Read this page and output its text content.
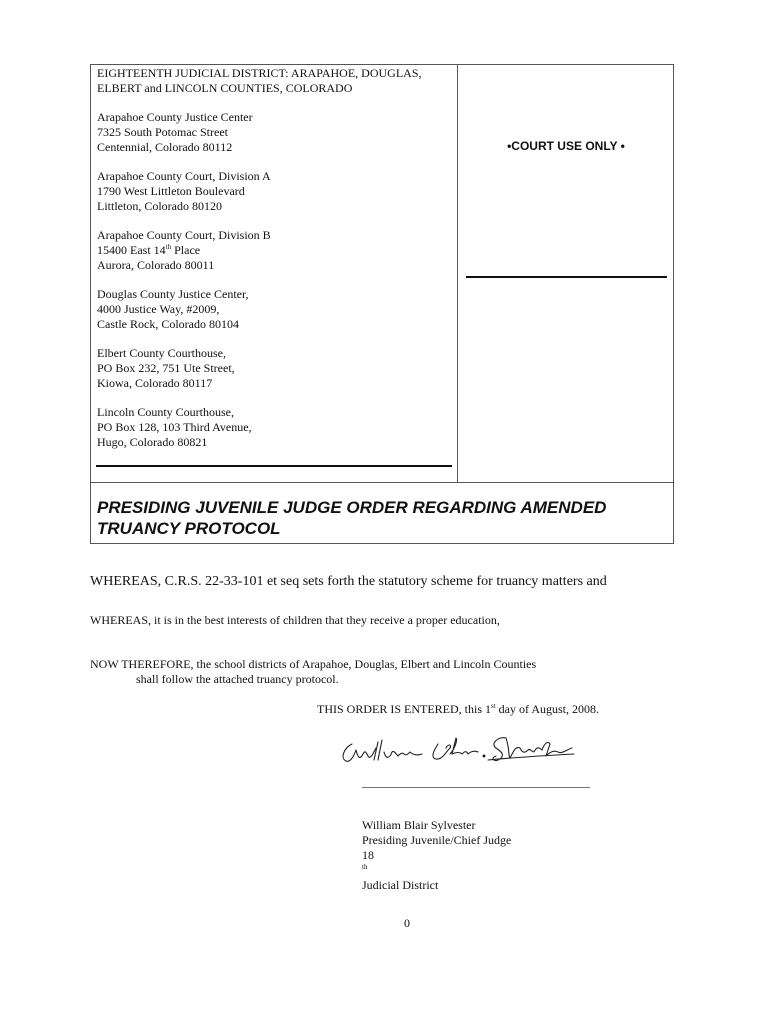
EIGHTEENTH JUDICIAL DISTRICT: ARAPAHOE, DOUGLAS,
ELBERT and LINCOLN COUNTIES, COLORADO

Arapahoe County Justice Center
7325 South Potomac Street
Centennial, Colorado 80112

Arapahoe County Court, Division A
1790 West Littleton Boulevard
Littleton, Colorado 80120

Arapahoe County Court, Division B
15400 East 14th Place
Aurora, Colorado 80011

Douglas County Justice Center,
4000 Justice Way, #2009,
Castle Rock, Colorado 80104

Elbert County Courthouse,
PO Box 232, 751 Ute Street,
Kiowa, Colorado 80117

Lincoln County Courthouse,
PO Box 128, 103 Third Avenue,
Hugo, Colorado 80821

•COURT USE ONLY •
PRESIDING JUVENILE JUDGE ORDER REGARDING AMENDED TRUANCY PROTOCOL
WHEREAS, C.R.S. 22-33-101 et seq sets forth the statutory scheme for truancy matters and
WHEREAS, it is in the best interests of children that they receive a proper education,
NOW THEREFORE, the school districts of Arapahoe, Douglas, Elbert and Lincoln Counties
shall follow the attached truancy protocol.
THIS ORDER IS ENTERED, this 1st day of August, 2008.
______________________________________
William Blair Sylvester
Presiding Juvenile/Chief Judge
18
$^{th}$
Judicial District
0
